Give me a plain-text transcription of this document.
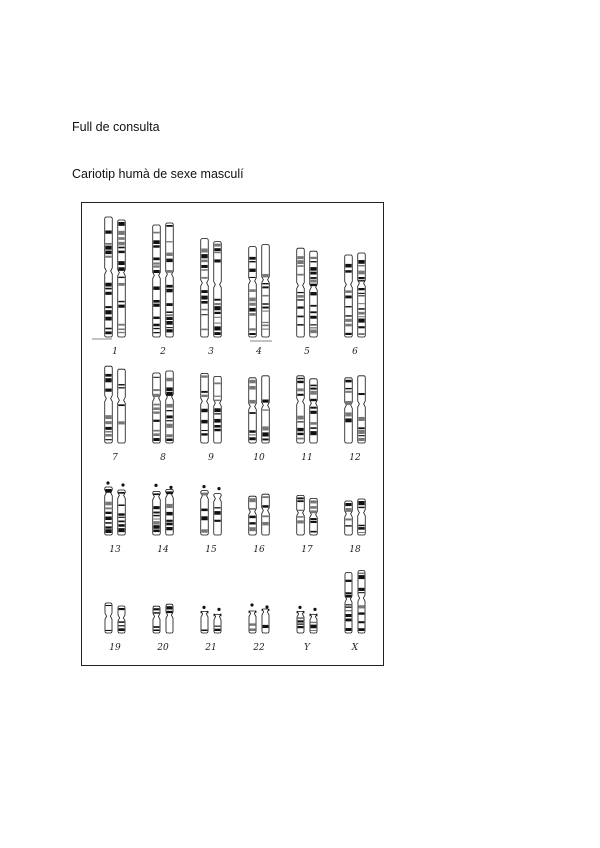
Full de consulta
Cariotip humà de sexe masculí
1	2	3	4	5	6
7	8	9	10	11	12
13	14	15	16	17	18
19	20	21	22	Y	X
